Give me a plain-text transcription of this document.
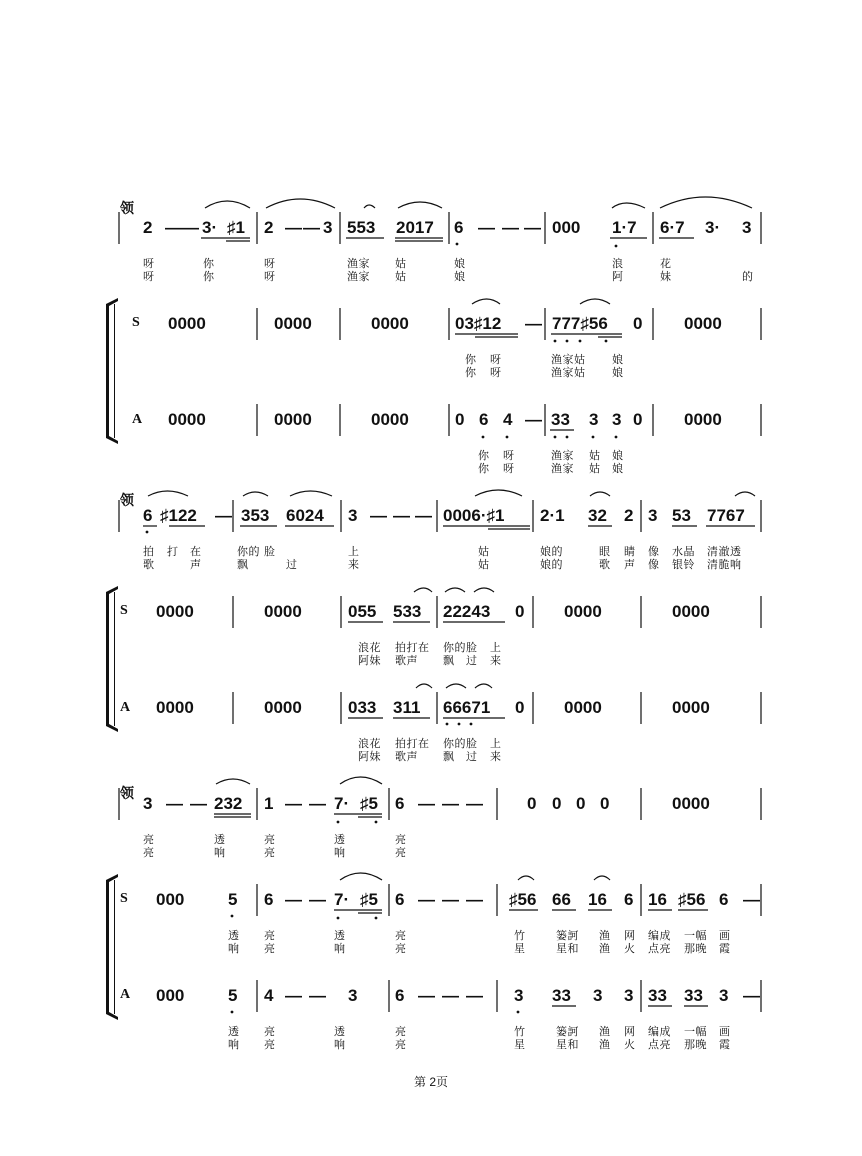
领
S
A
2 — — 3· ♯1 2 — — 3 553 2017 6 — — — 000 1·7 6·7 3· 3
呀	你	呀	渔家 姑	娘	浪	花
呀	你	呀	渔家 姑	娘	阿	妹	的
0000	0000	0000	03♯12 — 777♯56 0 0000
你 呀	渔家姑 娘
你 呀	渔家姑 娘
0000	0000	0000	0 6 4 — 33 3 3 0 0000
你 呀	渔家 姑 娘
你 呀	渔家 姑 娘
领
S
A
6 ♯122 — 353 6024 3 — — — 0006·♯1 2·1 32 2 3 53 7767
拍 打 在	你的 脸	上	姑	娘的	眼 睛 像 水晶 清澈透
歌	声	飘	过	来	姑	娘的	歌 声 像 银铃 清脆响
0000	0000	055 533 22243 0 0000	0000
浪花 拍打在 你的脸 上
阿妹 歌声 飘 过 来
0000	0000	033 311 66671 0 0000	0000
浪花 拍打在 你的脸 上
阿妹 歌声 飘 过 来
领
S
A
3 — — 232 1 — — 7· ♯5 6 — — —	0 0 0 0	0000
亮	透	亮	透	亮
亮	响	亮	响	亮
000	5 6 — — 7· ♯5 6 — — — ♯56 66 16 6 16 ♯56 6 —
透 亮	透	亮	竹	篓訶 渔 网 编成 一幅 画
响 亮	响	亮	星	星和 渔 火 点亮 那晚 霞
000	5 4 — — 3 6 — — — 3 33 3 3 33 33 3 —
透 亮	透	亮	竹	篓訶 渔 网 编成 一幅 画
响 亮	响	亮	星	星和 渔 火 点亮 那晚 霞
第 2页
